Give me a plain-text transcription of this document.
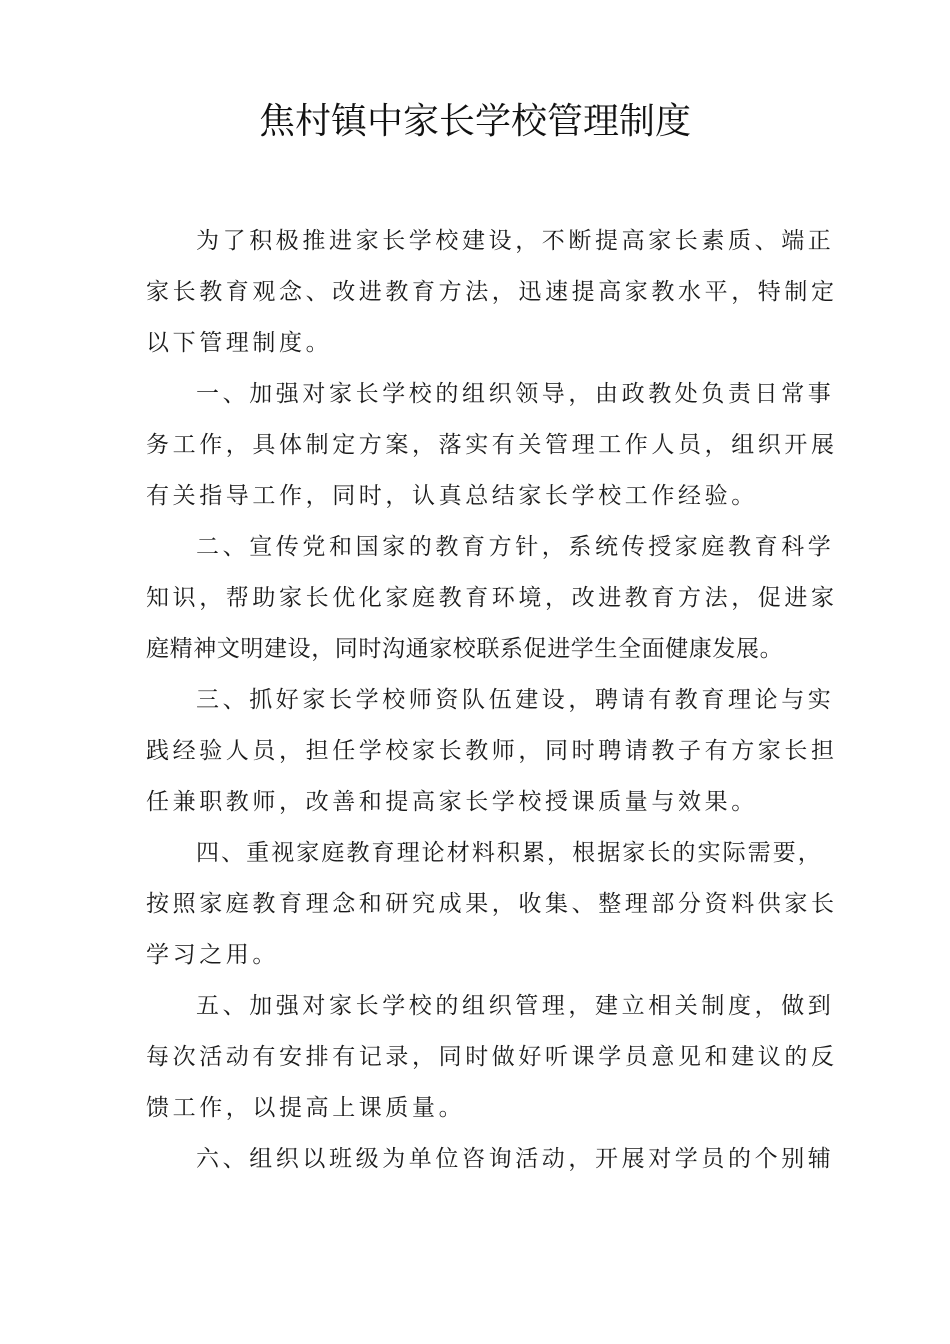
焦村镇中家长学校管理制度

为了积极推进家长学校建设，不断提高家长素质、端正
家长教育观念、改进教育方法，迅速提高家教水平，特制定
以下管理制度。

一、加强对家长学校的组织领导，由政教处负责日常事
务工作，具体制定方案，落实有关管理工作人员，组织开展
有关指导工作，同时，认真总结家长学校工作经验。

二、宣传党和国家的教育方针，系统传授家庭教育科学
知识，帮助家长优化家庭教育环境，改进教育方法，促进家
庭精神文明建设，同时沟通家校联系促进学生全面健康发展。

三、抓好家长学校师资队伍建设，聘请有教育理论与实
践经验人员，担任学校家长教师，同时聘请教子有方家长担
任兼职教师，改善和提高家长学校授课质量与效果。

四、重视家庭教育理论材料积累，根据家长的实际需要，
按照家庭教育理念和研究成果，收集、整理部分资料供家长
学习之用。

五、加强对家长学校的组织管理，建立相关制度，做到
每次活动有安排有记录，同时做好听课学员意见和建议的反
馈工作，以提高上课质量。

六、组织以班级为单位咨询活动，开展对学员的个别辅
